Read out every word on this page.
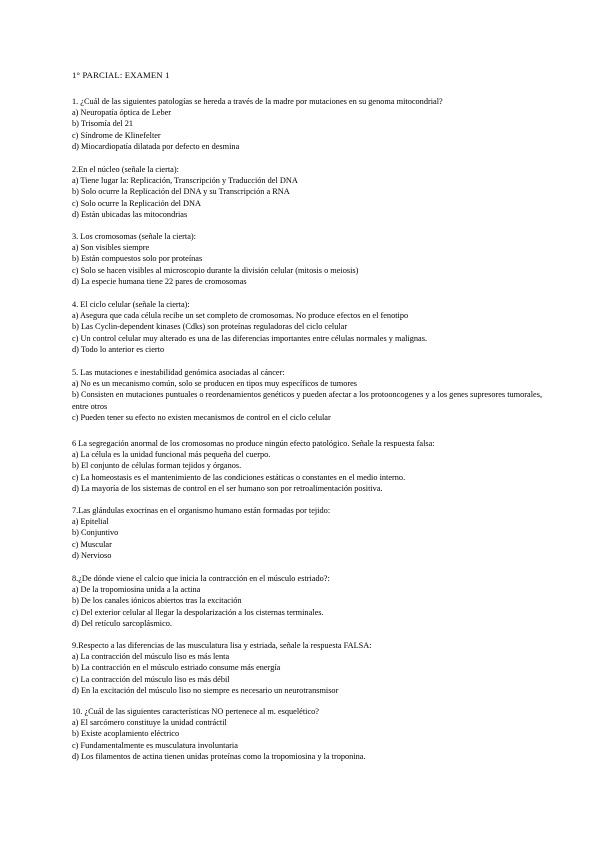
1° PARCIAL: EXAMEN 1
1. ¿Cuál de las siguientes patologías se hereda a través de la madre por mutaciones en su genoma mitocondrial?
a) Neuropatía óptica de Leber
b) Trisomía del 21
c) Síndrome de Klinefelter
d) Miocardiopatía dilatada por defecto en desmina
2.En el núcleo (señale la cierta):
a) Tiene lugar la: Replicación, Transcripción y Traducción del DNA
b) Solo ocurre la Replicación del DNA y su Transcripción a RNA
c) Solo ocurre la Replicación del DNA
d) Están ubicadas las mitocondrias
3. Los cromosomas (señale la cierta):
a) Son visibles siempre
b) Están compuestos solo por proteínas
c) Solo se hacen visibles al microscopio durante la división celular (mitosis o meiosis)
d) La especie humana tiene 22 pares de cromosomas
4. El ciclo celular (señale la cierta):
a) Asegura que cada célula recibe un set completo de cromosomas. No produce efectos en el fenotipo
b) Las Cyclin-dependent kinases (Cdks) son proteínas reguladoras del ciclo celular
c) Un control celular muy alterado es una de las diferencias importantes entre células normales y malignas.
d) Todo lo anterior es cierto
5. Las mutaciones e inestabilidad genómica asociadas al cáncer:
a) No es un mecanismo común, solo se producen en tipos muy específicos de tumores
b) Consisten en mutaciones puntuales o reordenamientos genéticos y pueden afectar a los protooncogenes y a los genes supresores tumorales, entre otros
c) Pueden tener su efecto no existen mecanismos de control en el ciclo celular
6 La segregación anormal de los cromosomas no produce ningún efecto patológico. Señale la respuesta falsa:
a) La célula es la unidad funcional más pequeña del cuerpo.
b) El conjunto de células forman tejidos y órganos.
c) La homeostasis es el mantenimiento de las condiciones estáticas o constantes en el medio interno.
d) La mayoría de los sistemas de control en el ser humano son por retroalimentación positiva.
7.Las glándulas exocrinas en el organismo humano están formadas por tejido:
a) Epitelial
b) Conjuntivo
c) Muscular
d) Nervioso
8.¿De dónde viene el calcio que inicia la contracción en el músculo estriado?:
a) De la tropomiosina unida a la actina
b) De los canales iónicos abiertos tras la excitación
c) Del exterior celular al llegar la despolarización a los cisternas terminales.
d) Del retículo sarcoplásmico.
9.Respecto a las diferencias de las musculatura lisa y estriada, señale la respuesta FALSA:
a) La contracción del músculo liso es más lenta
b) La contracción en el músculo estriado consume más energía
c) La contracción del músculo liso es más débil
d) En la excitación del músculo liso no siempre es necesario un neurotransmisor
10. ¿Cuál de las siguientes características NO pertenece al m. esquelético?
a) El sarcómero constituye la unidad contráctil
b) Existe acoplamiento eléctrico
c) Fundamentalmente es musculatura involuntaria
d) Los filamentos de actina tienen unidas proteínas como la tropomiosina y la troponina.
